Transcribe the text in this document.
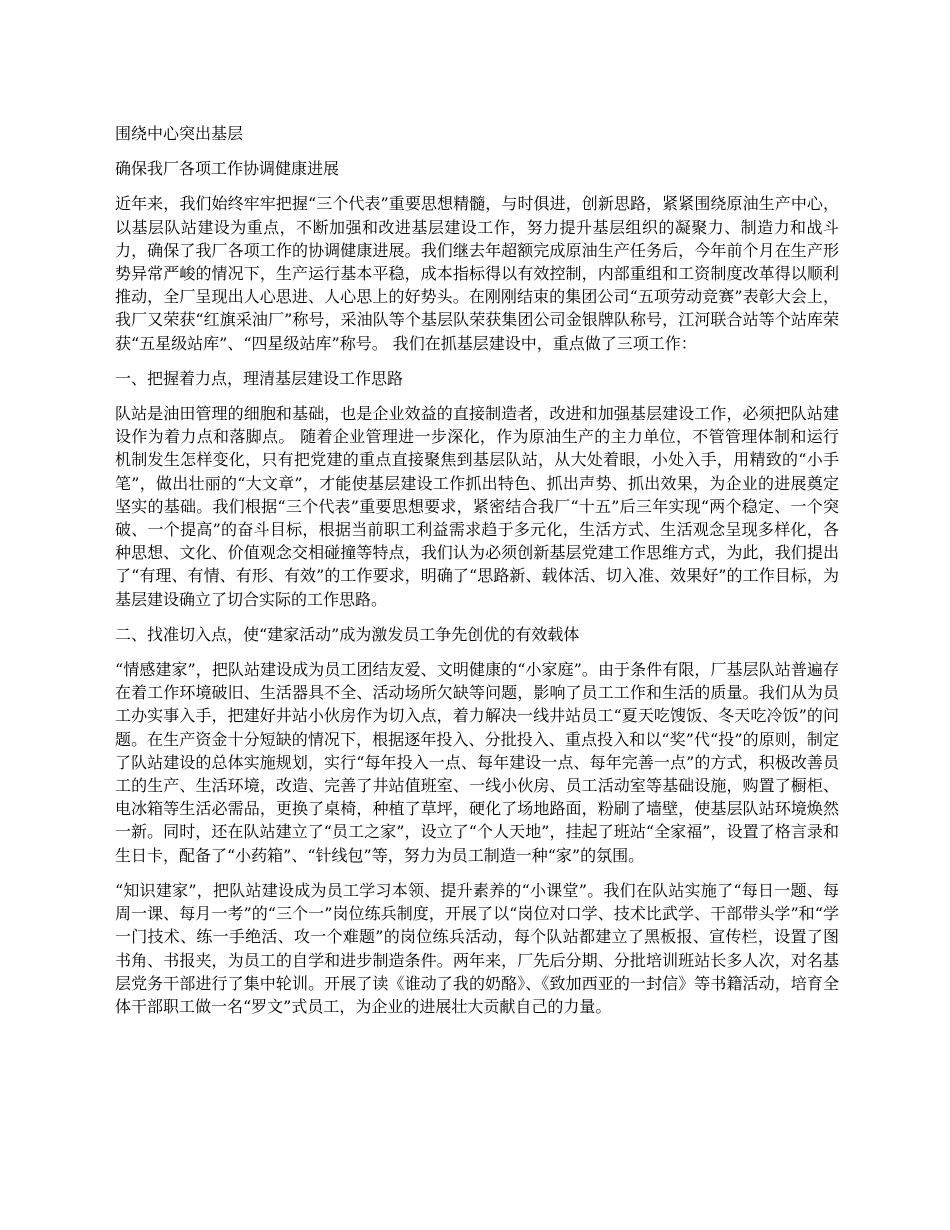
围绕中心突出基层

确保我厂各项工作协调健康进展

近年来，我们始终牢牢把握“三个代表”重要思想精髓，与时俱进，创新思路，紧紧围绕原油生产中心，以基层队站建设为重点，不断加强和改进基层建设工作，努力提升基层组织的凝聚力、制造力和战斗力，确保了我厂各项工作的协调健康进展。我们继去年超额完成原油生产任务后，今年前个月在生产形势异常严峻的情况下，生产运行基本平稳，成本指标得以有效控制，内部重组和工资制度改革得以顺利推动，全厂呈现出人心思进、人心思上的好势头。在刚刚结束的集团公司“五项劳动竞赛”表彰大会上，我厂又荣获“红旗采油厂”称号，采油队等个基层队荣获集团公司金银牌队称号，江河联合站等个站库荣获“五星级站库”、“四星级站库”称号。 我们在抓基层建设中，重点做了三项工作：

一、把握着力点，理清基层建设工作思路

队站是油田管理的细胞和基础，也是企业效益的直接制造者，改进和加强基层建设工作，必须把队站建设作为着力点和落脚点。 随着企业管理进一步深化，作为原油生产的主力单位，不管管理体制和运行机制发生怎样变化，只有把党建的重点直接聚焦到基层队站，从大处着眼，小处入手，用精致的“小手笔”，做出壮丽的“大文章”，才能使基层建设工作抓出特色、抓出声势、抓出效果，为企业的进展奠定坚实的基础。我们根据“三个代表”重要思想要求，紧密结合我厂“十五”后三年实现“两个稳定、一个突破、一个提高”的奋斗目标，根据当前职工利益需求趋于多元化，生活方式、生活观念呈现多样化，各种思想、文化、价值观念交相碰撞等特点，我们认为必须创新基层党建工作思维方式，为此，我们提出了“有理、有情、有形、有效”的工作要求，明确了“思路新、载体活、切入准、效果好”的工作目标，为基层建设确立了切合实际的工作思路。

二、找准切入点，使“建家活动”成为激发员工争先创优的有效载体

“情感建家”，把队站建设成为员工团结友爱、文明健康的“小家庭”。由于条件有限，厂基层队站普遍存在着工作环境破旧、生活器具不全、活动场所欠缺等问题，影响了员工工作和生活的质量。我们从为员工办实事入手，把建好井站小伙房作为切入点，着力解决一线井站员工“夏天吃馊饭、冬天吃冷饭”的问题。在生产资金十分短缺的情况下，根据逐年投入、分批投入、重点投入和以“奖”代“投”的原则，制定了队站建设的总体实施规划，实行“每年投入一点、每年建设一点、每年完善一点”的方式，积极改善员工的生产、生活环境，改造、完善了井站值班室、一线小伙房、员工活动室等基础设施，购置了橱柜、电冰箱等生活必需品，更换了桌椅，种植了草坪，硬化了场地路面，粉刷了墙壁，使基层队站环境焕然一新。同时，还在队站建立了“员工之家”，设立了“个人天地”，挂起了班站“全家福”，设置了格言录和生日卡，配备了“小药箱”、“针线包”等，努力为员工制造一种“家”的氛围。

“知识建家”，把队站建设成为员工学习本领、提升素养的“小课堂”。我们在队站实施了“每日一题、每周一课、每月一考”的“三个一”岗位练兵制度，开展了以“岗位对口学、技术比武学、干部带头学”和“学一门技术、练一手绝活、攻一个难题”的岗位练兵活动，每个队站都建立了黑板报、宣传栏，设置了图书角、书报夹，为员工的自学和进步制造条件。两年来，厂先后分期、分批培训班站长多人次，对名基层党务干部进行了集中轮训。开展了读《谁动了我的奶酪》、《致加西亚的一封信》等书籍活动，培育全体干部职工做一名“罗文”式员工，为企业的进展壮大贡献自己的力量。
